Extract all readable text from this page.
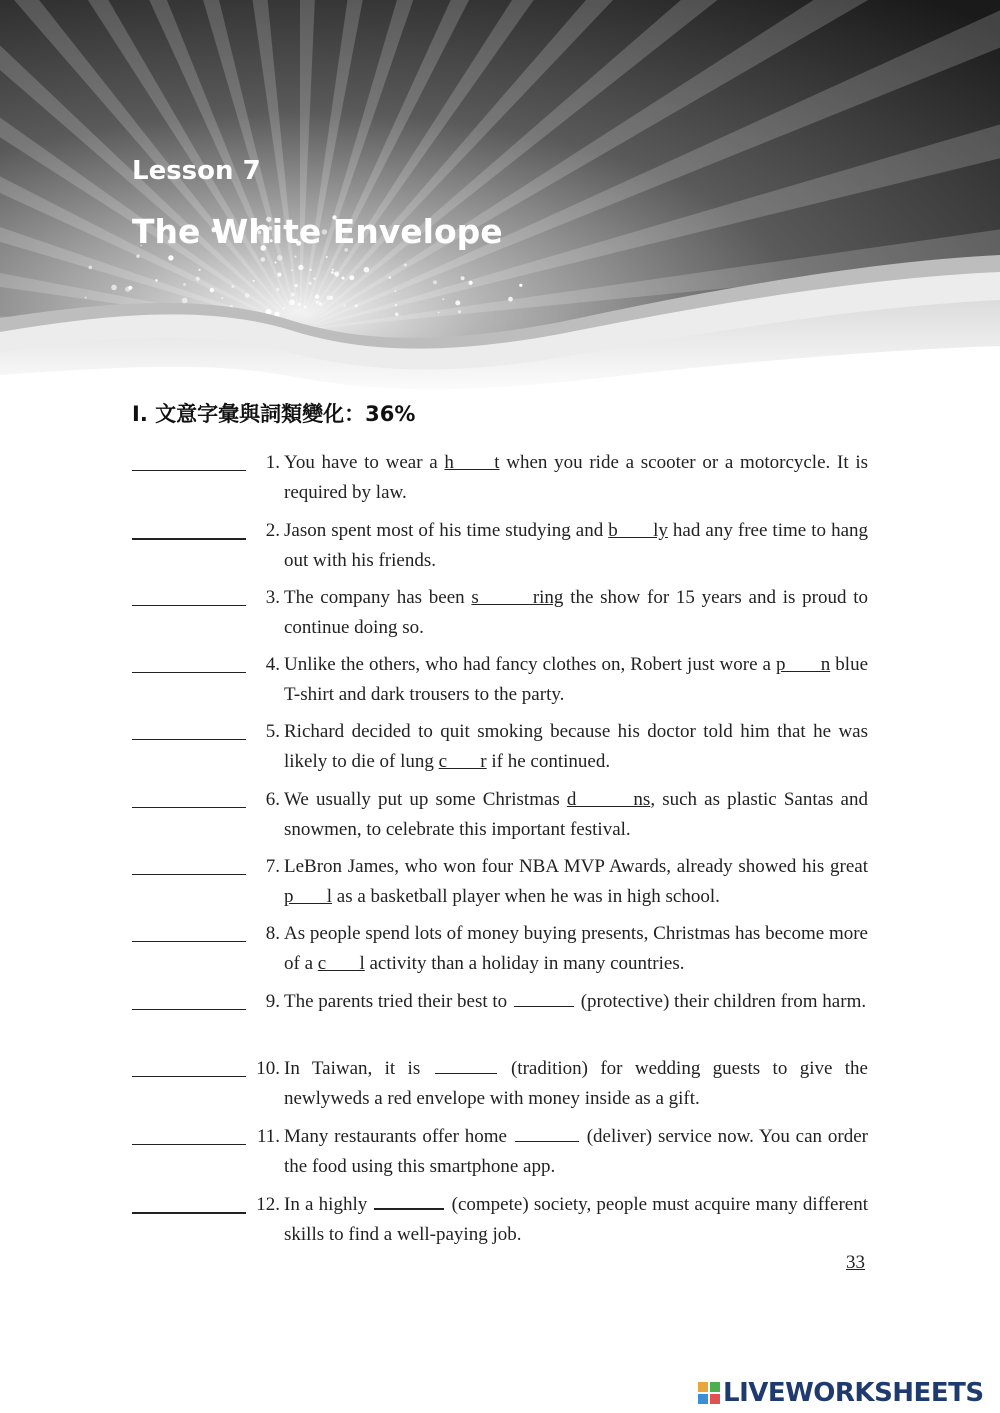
Lesson 7
The White Envelope
I. 文意字彙與詞類變化：36%
1. You have to wear a h      t when you ride a scooter or a motorcycle. It is required by law.
2. Jason spent most of his time studying and b       ly had any free time to hang out with his friends.
3. The company has been s        ring the show for 15 years and is proud to continue doing so.
4. Unlike the others, who had fancy clothes on, Robert just wore a p       n blue T-shirt and dark trousers to the party.
5. Richard decided to quit smoking because his doctor told him that he was likely to die of lung c       r if he continued.
6. We usually put up some Christmas d        ns, such as plastic Santas and snowmen, to celebrate this important festival.
7. LeBron James, who won four NBA MVP Awards, already showed his great p       l as a basketball player when he was in high school.
8. As people spend lots of money buying presents, Christmas has become more of a c       l activity than a holiday in many countries.
9. The parents tried their best to	(protective) their children from harm.
10. In Taiwan, it is	(tradition) for wedding guests to give the newlyweds a red envelope with money inside as a gift.
11. Many restaurants offer home	(deliver) service now. You can order the food using this smartphone app.
12. In a highly	(compete) society, people must acquire many different skills to find a well-paying job.
33
LIVEWORKSHEETS
